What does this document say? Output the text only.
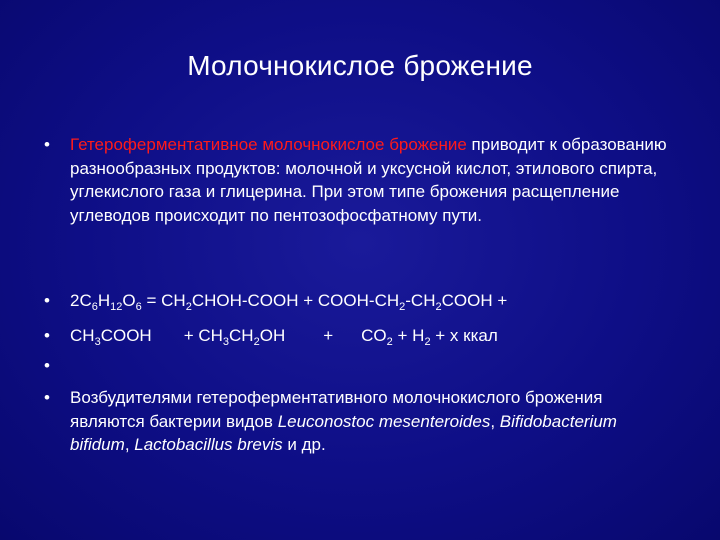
Молочнокислое брожение
• Гетероферментативное молочнокислое брожение приводит к образованию разнообразных продуктов: молочной и уксусной кислот, этилового спирта, углекислого газа и глицерина. При этом типе брожения расщепление углеводов происходит по пентозофосфатному пути.
• $2C_6H_{12}O_6$ = $CH_2CHOH$-COOH + COOH-$CH_2-CH_2COOH$ +
• $CH_3COOH + CH_3CH_2OH + CO_2 + H_2 + х$ ккал
•
• Возбудителями гетероферментативного молочнокислого брожения являются бактерии видов Leuconostoc mesenteroides, Bifidobacterium bifidum, Lactobacillus brevis и др.
